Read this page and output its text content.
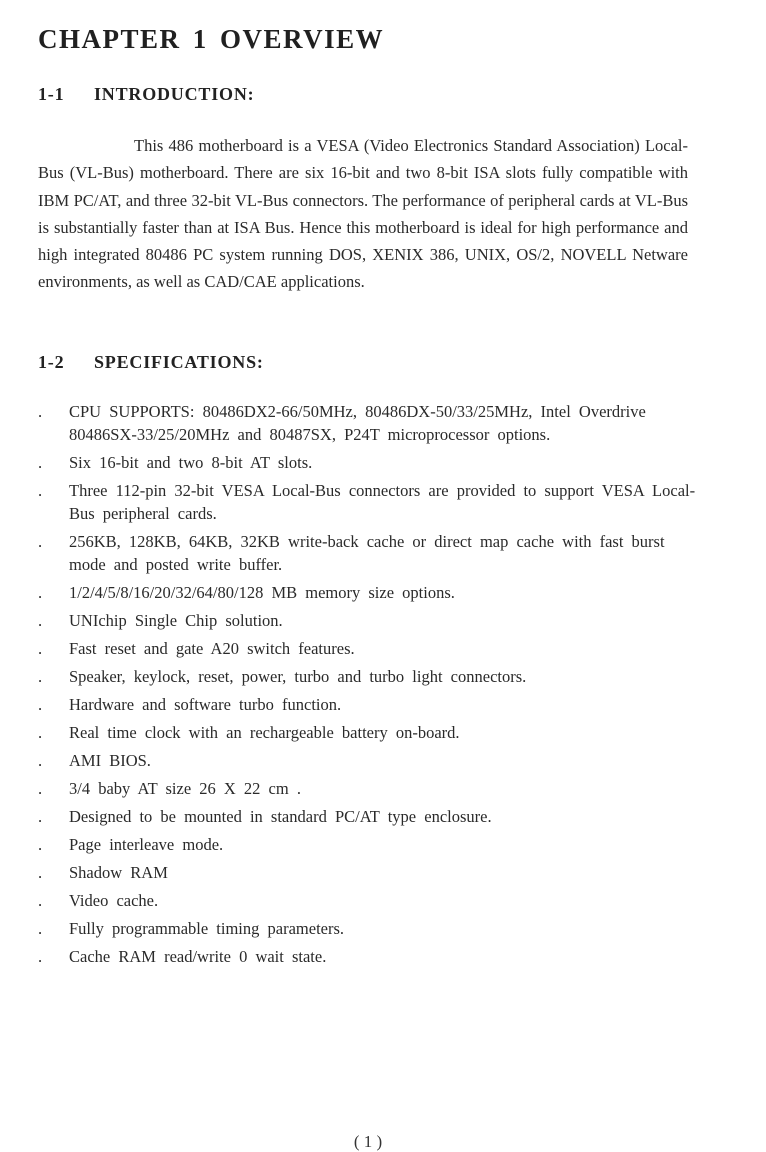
CHAPTER 1 OVERVIEW
1-1 INTRODUCTION:

This 486 motherboard is a VESA (Video Electronics Standard Association) Local-Bus (VL-Bus) motherboard. There are six 16-bit and two 8-bit ISA slots fully compatible with IBM PC/AT, and three 32-bit VL-Bus connectors. The performance of peripheral cards at VL-Bus is substantially faster than at ISA Bus. Hence this motherboard is ideal for high performance and high integrated 80486 PC system running DOS, XENIX 386, UNIX, OS/2, NOVELL Netware environments, as well as CAD/CAE applications.

1-2 SPECIFICATIONS:
. CPU SUPPORTS: 80486DX2-66/50MHz, 80486DX-50/33/25MHz, Intel Overdrive 80486SX-33/25/20MHz and 80487SX, P24T microprocessor options.
. Six 16-bit and two 8-bit AT slots.
. Three 112-pin 32-bit VESA Local-Bus connectors are provided to support VESA Local-Bus peripheral cards.
. 256KB, 128KB, 64KB, 32KB write-back cache or direct map cache with fast burst mode and posted write buffer.
. 1/2/4/5/8/16/20/32/64/80/128 MB memory size options.
. UNIchip Single Chip solution.
. Fast reset and gate A20 switch features.
. Speaker, keylock, reset, power, turbo and turbo light connectors.
. Hardware and software turbo function.
. Real time clock with an rechargeable battery on-board.
. AMI BIOS.
. 3/4 baby AT size 26 X 22 cm .
. Designed to be mounted in standard PC/AT type enclosure.
. Page interleave mode.
. Shadow RAM
. Video cache.
. Fully programmable timing parameters.
. Cache RAM read/write 0 wait state.
( 1 )
